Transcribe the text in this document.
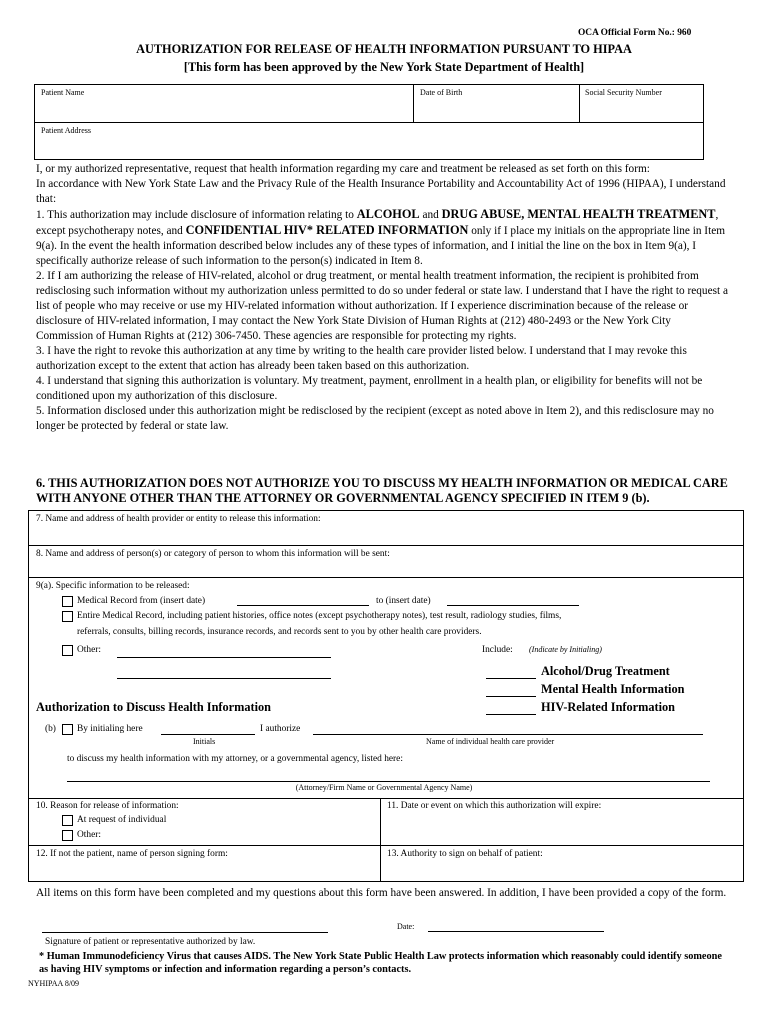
OCA Official Form No.: 960
AUTHORIZATION FOR RELEASE OF HEALTH INFORMATION PURSUANT TO HIPAA
[This form has been approved by the New York State Department of Health]
Patient Name	Date of Birth	Social Security Number
Patient Address

I, or my authorized representative, request that health information regarding my care and treatment be released as set forth on this form:

In accordance with New York State Law and the Privacy Rule of the Health Insurance Portability and Accountability Act of 1996 (HIPAA), I understand that:

1. This authorization may include disclosure of information relating to ALCOHOL and DRUG ABUSE, MENTAL HEALTH TREATMENT, except psychotherapy notes, and CONFIDENTIAL HIV* RELATED INFORMATION only if I place my initials on the appropriate line in Item 9(a). In the event the health information described below includes any of these types of information, and I initial the line on the box in Item 9(a), I specifically authorize release of such information to the person(s) indicated in Item 8.

2. If I am authorizing the release of HIV-related, alcohol or drug treatment, or mental health treatment information, the recipient is prohibited from redisclosing such information without my authorization unless permitted to do so under federal or state law. I understand that I have the right to request a list of people who may receive or use my HIV-related information without authorization. If I experience discrimination because of the release or disclosure of HIV-related information, I may contact the New York State Division of Human Rights at (212) 480-2493 or the New York City Commission of Human Rights at (212) 306-7450. These agencies are responsible for protecting my rights.

3. I have the right to revoke this authorization at any time by writing to the health care provider listed below. I understand that I may revoke this authorization except to the extent that action has already been taken based on this authorization.

4. I understand that signing this authorization is voluntary. My treatment, payment, enrollment in a health plan, or eligibility for benefits will not be conditioned upon my authorization of this disclosure.

5. Information disclosed under this authorization might be redisclosed by the recipient (except as noted above in Item 2), and this redisclosure may no longer be protected by federal or state law.

6. THIS AUTHORIZATION DOES NOT AUTHORIZE YOU TO DISCUSS MY HEALTH INFORMATION OR MEDICAL CARE WITH ANYONE OTHER THAN THE ATTORNEY OR GOVERNMENTAL AGENCY SPECIFIED IN ITEM 9 (b).
7. Name and address of health provider or entity to release this information:
8. Name and address of person(s) or category of person to whom this information will be sent:
9(a). Specific information to be released:
Medical Record from (insert date)	to (insert date)
Entire Medical Record, including patient histories, office notes (except psychotherapy notes), test result, radiology studies, films,
referrals, consults, billing records, insurance records, and records sent to you by other health care providers.
Other:	Include: (Indicate by Initialing)
Alcohol/Drug Treatment
Mental Health Information
HIV-Related Information
Authorization to Discuss Health Information
(b) By initialing here	I authorize
Initials	Name of individual health care provider
to discuss my health information with my attorney, or a governmental agency, listed here:
(Attorney/Firm Name or Governmental Agency Name)
10. Reason for release of information:
At request of individual
Other:
11. Date or event on which this authorization will expire:
12. If not the patient, name of person signing form:	13. Authority to sign on behalf of patient:
All items on this form have been completed and my questions about this form have been answered. In addition, I have been provided a copy of the form.
Date:
Signature of patient or representative authorized by law.
* Human Immunodeficiency Virus that causes AIDS. The New York State Public Health Law protects information which reasonably could identify someone as having HIV symptoms or infection and information regarding a person’s contacts.
NYHIPAA 8/09
